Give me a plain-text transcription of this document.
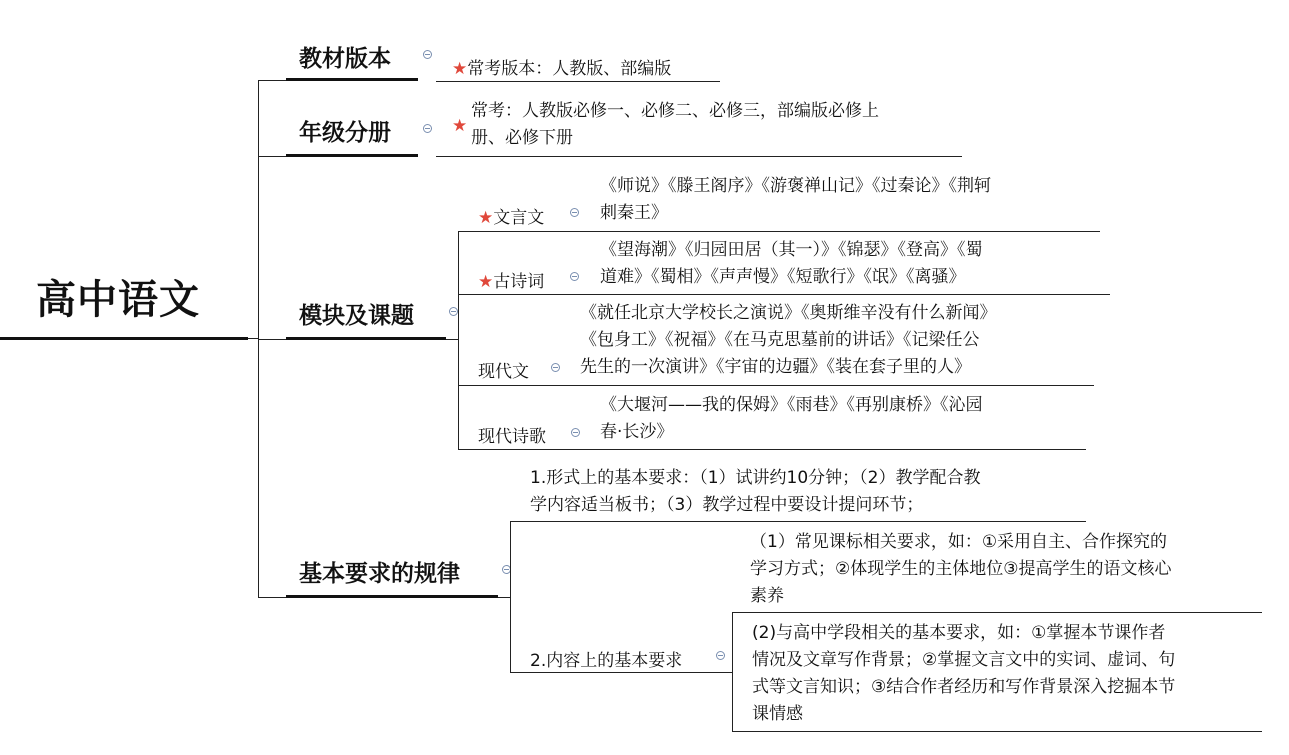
高中语文
教材版本	★常考版本：人教版、部编版
年级分册	★
常考：人教版必修一、必修二、必修三，部编版必修上
册、必修下册
模块及课题
★文言文
《师说》《滕王阁序》《游褒禅山记》《过秦论》《荆轲
刺秦王》
★古诗词
《望海潮》《归园田居（其一）》《锦瑟》《登高》《蜀
道难》《蜀相》《声声慢》《短歌行》《氓》《离骚》
现代文
《就任北京大学校长之演说》《奥斯维辛没有什么新闻》
《包身工》《祝福》《在马克思墓前的讲话》《记梁任公
先生的一次演讲》《宇宙的边疆》《装在套子里的人》
现代诗歌
《大堰河——我的保姆》《雨巷》《再别康桥》《沁园
春·长沙》
基本要求的规律
1.形式上的基本要求：（1）试讲约10分钟；（2）教学配合教
学内容适当板书；（3）教学过程中要设计提问环节；
2.内容上的基本要求
（1）常见课标相关要求，如：①采用自主、合作探究的
学习方式；②体现学生的主体地位③提高学生的语文核心
素养
(2)与高中学段相关的基本要求，如：①掌握本节课作者
情况及文章写作背景；②掌握文言文中的实词、虚词、句
式等文言知识；③结合作者经历和写作背景深入挖掘本节
课情感
